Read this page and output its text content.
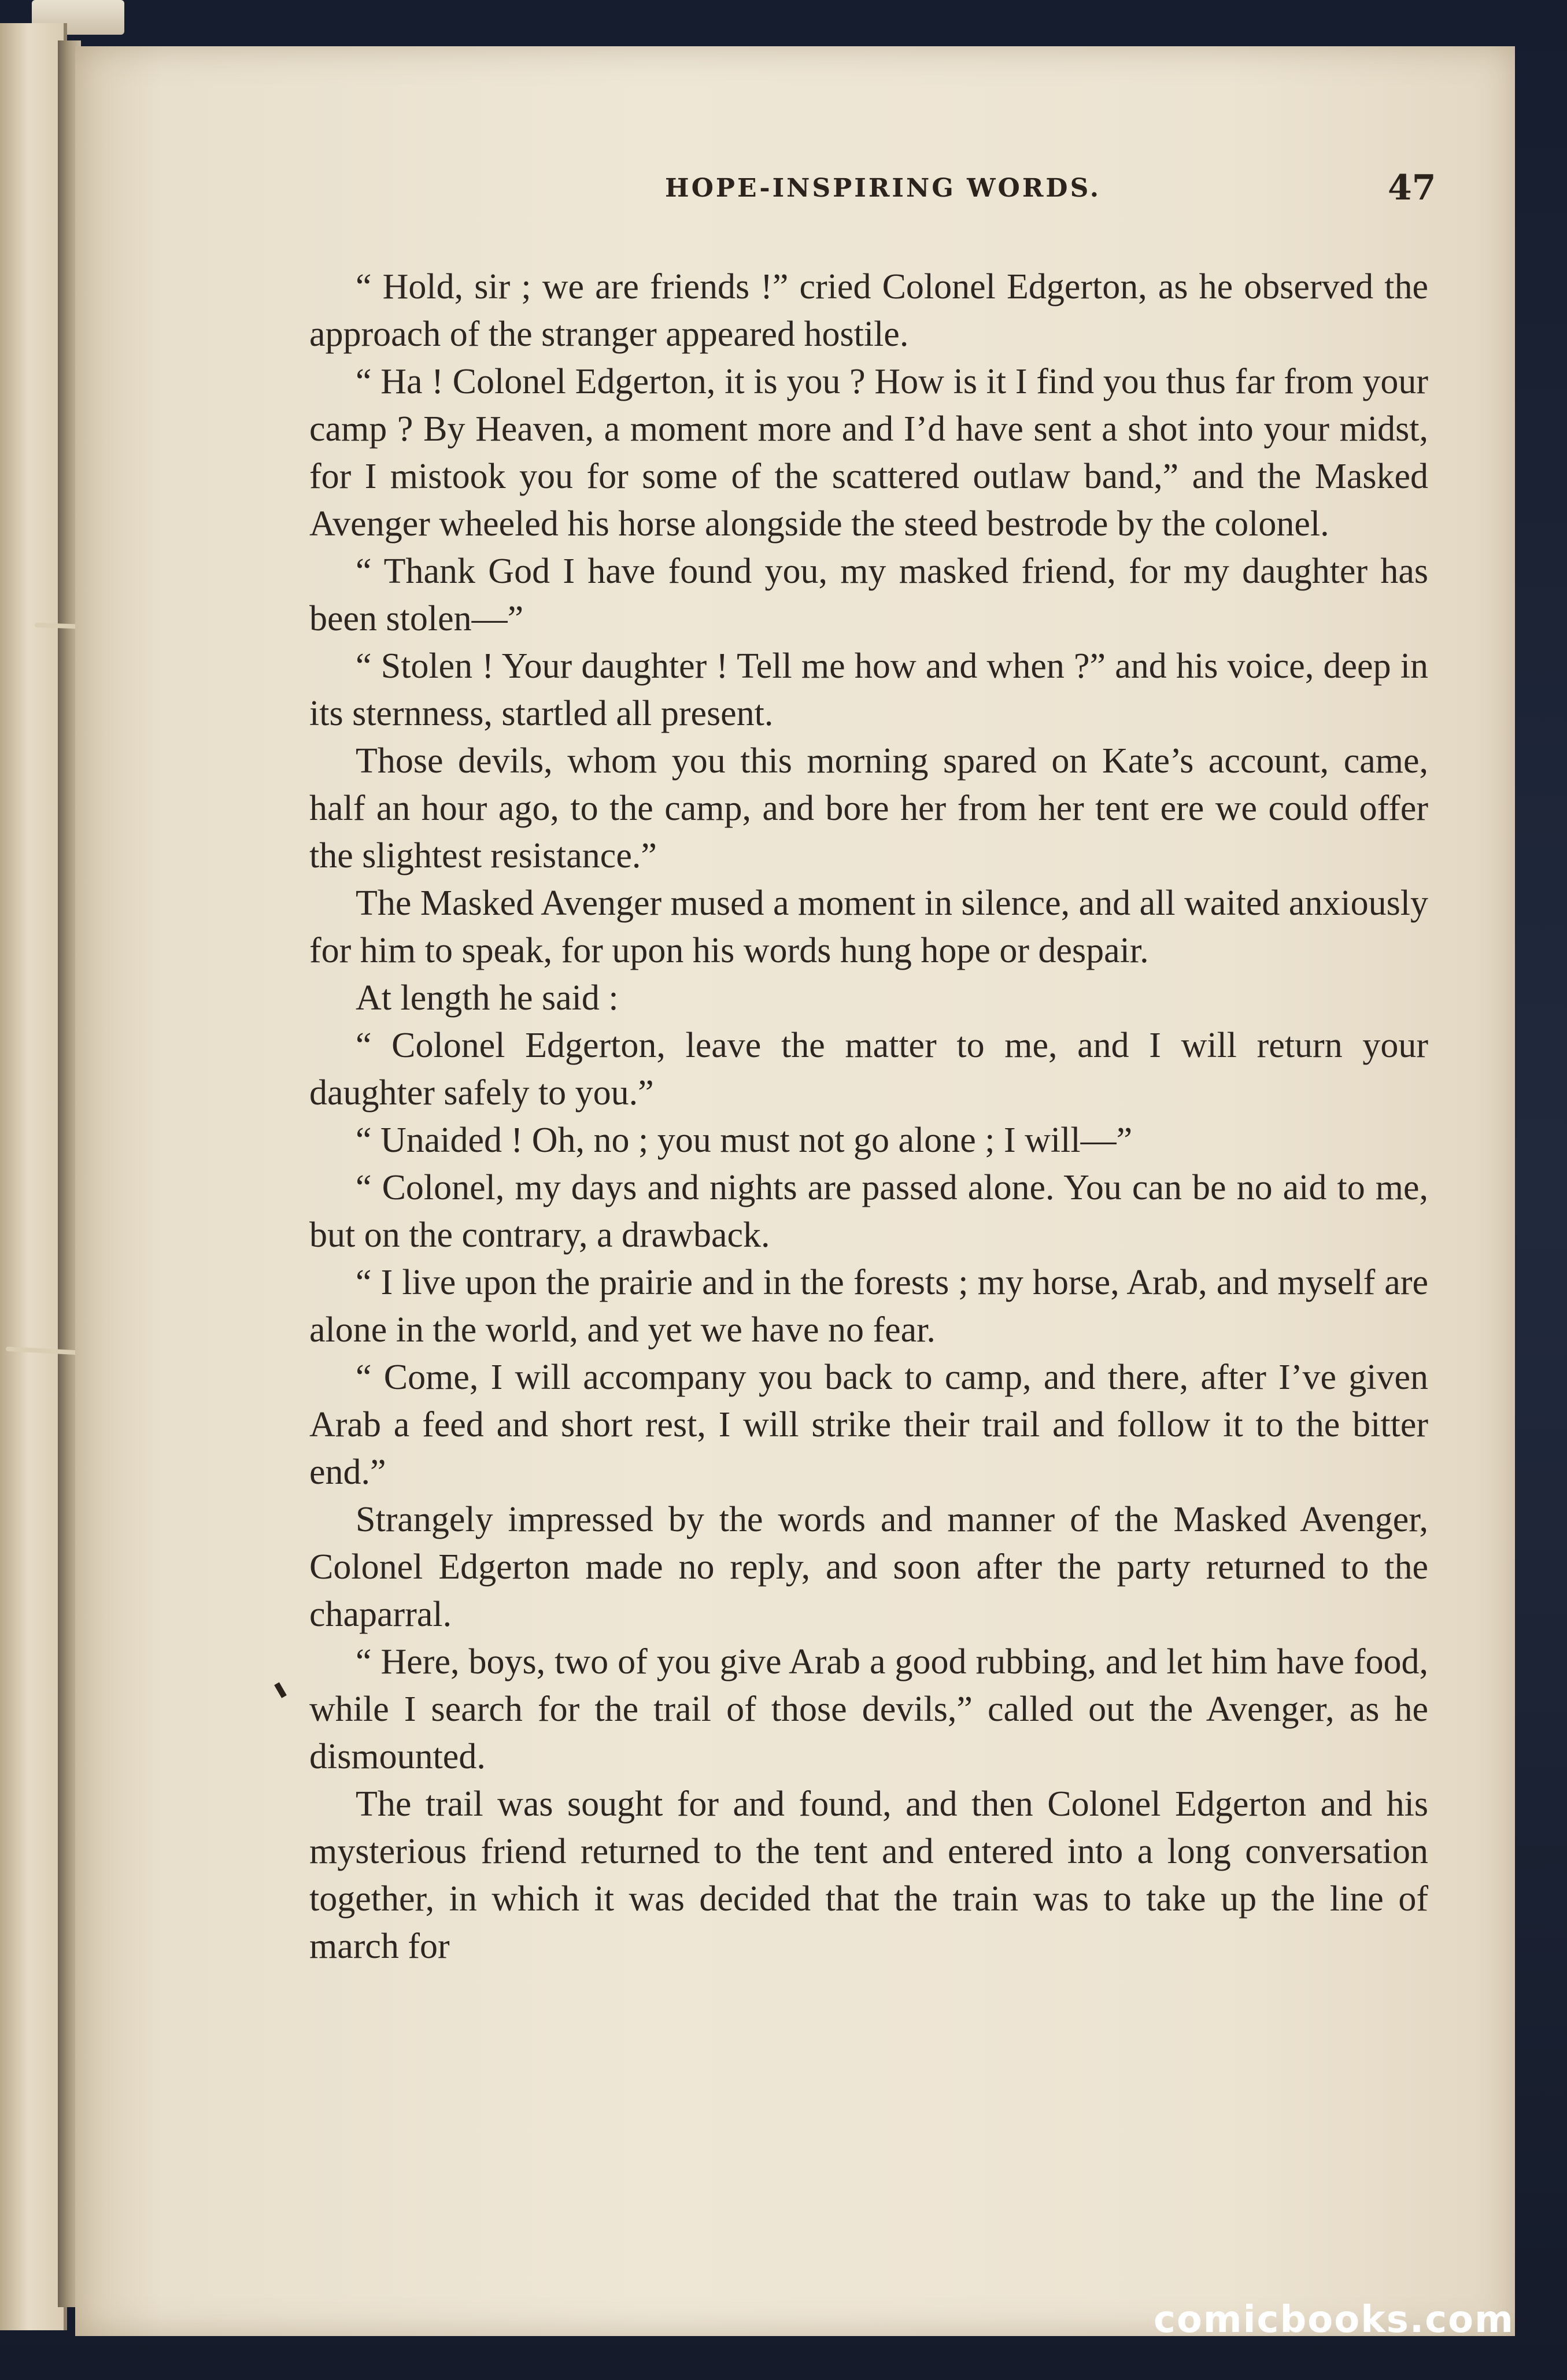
HOPE-INSPIRING WORDS.	47

“ Hold, sir ; we are friends !” cried Colonel Edgerton, as he observed the approach of the stranger appeared hostile.

“ Ha ! Colonel Edgerton, it is you ? How is it I find you thus far from your camp ? By Heaven, a moment more and I’d have sent a shot into your midst, for I mistook you for some of the scattered outlaw band,” and the Masked Avenger wheeled his horse alongside the steed bestrode by the colonel.

“ Thank God I have found you, my masked friend, for my daughter has been stolen—”

“ Stolen ! Your daughter ! Tell me how and when ?” and his voice, deep in its sternness, startled all present.

Those devils, whom you this morning spared on Kate’s account, came, half an hour ago, to the camp, and bore her from her tent ere we could offer the slightest resistance.”

The Masked Avenger mused a moment in silence, and all waited anxiously for him to speak, for upon his words hung hope or despair.

At length he said :

“ Colonel Edgerton, leave the matter to me, and I will return your daughter safely to you.”

“ Unaided ! Oh, no ; you must not go alone ; I will—”

“ Colonel, my days and nights are passed alone. You can be no aid to me, but on the contrary, a drawback.

“ I live upon the prairie and in the forests ; my horse, Arab, and myself are alone in the world, and yet we have no fear.

“ Come, I will accompany you back to camp, and there, after I’ve given Arab a feed and short rest, I will strike their trail and follow it to the bitter end.”

Strangely impressed by the words and manner of the Masked Avenger, Colonel Edgerton made no reply, and soon after the party returned to the chaparral.

“ Here, boys, two of you give Arab a good rubbing, and let him have food, while I search for the trail of those devils,” called out the Avenger, as he dismounted.

The trail was sought for and found, and then Colonel Edgerton and his mysterious friend returned to the tent and entered into a long conversation together, in which it was decided that the train was to take up the line of march for

comicbooks.com
